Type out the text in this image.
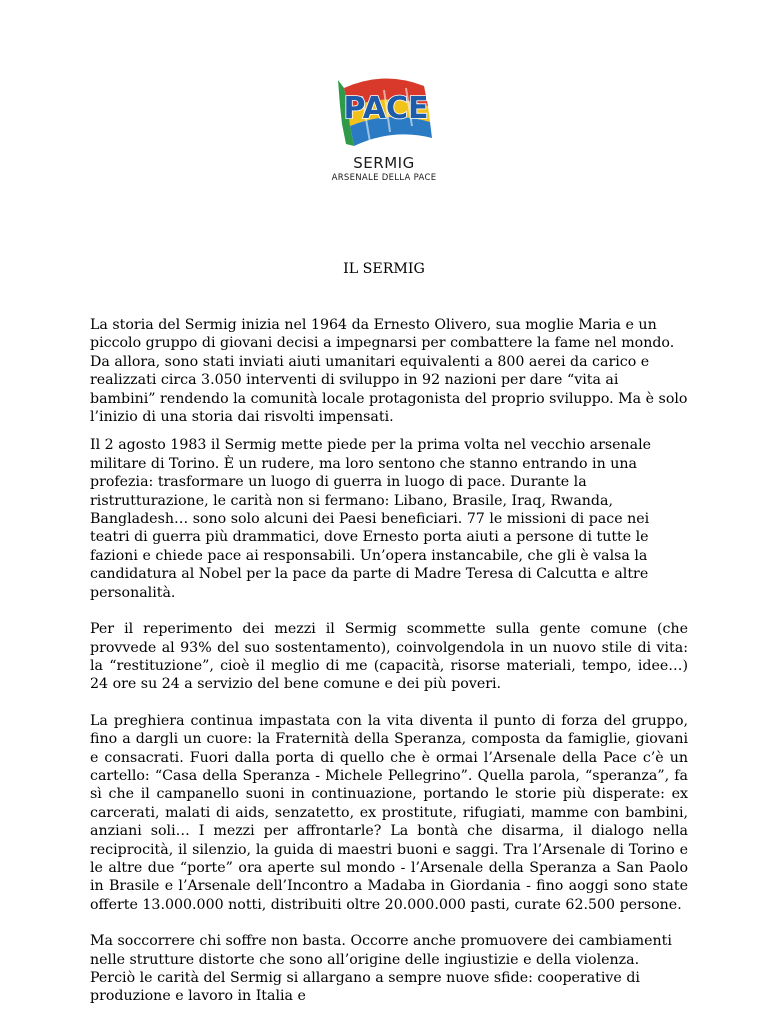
PACE
SERMIG
ARSENALE DELLA PACE
IL SERMIG

La storia del Sermig inizia nel 1964 da Ernesto Olivero, sua moglie Maria e un piccolo gruppo di giovani decisi a impegnarsi per combattere la fame nel mondo. Da allora, sono stati inviati aiuti umanitari equivalenti a 800 aerei da carico e realizzati circa 3.050 interventi di sviluppo in 92 nazioni per dare “vita ai bambini” rendendo la comunità locale protagonista del proprio sviluppo. Ma è solo l’inizio di una storia dai risvolti impensati.

Il 2 agosto 1983 il Sermig mette piede per la prima volta nel vecchio arsenale militare di Torino. È un rudere, ma loro sentono che stanno entrando in una profezia: trasformare un luogo di guerra in luogo di pace. Durante la ristrutturazione, le carità non si fermano: Libano, Brasile, Iraq, Rwanda, Bangladesh… sono solo alcuni dei Paesi beneficiari. 77 le missioni di pace nei teatri di guerra più drammatici, dove Ernesto porta aiuti a persone di tutte le fazioni e chiede pace ai responsabili. Un’opera instancabile, che gli è valsa la candidatura al Nobel per la pace da parte di Madre Teresa di Calcutta e altre personalità.

Per il reperimento dei mezzi il Sermig scommette sulla gente comune (che provvede al 93% del suo sostentamento), coinvolgendola in un nuovo stile di vita: la “restituzione”, cioè il meglio di me (capacità, risorse materiali, tempo, idee…) 24 ore su 24 a servizio del bene comune e dei più poveri.

La preghiera continua impastata con la vita diventa il punto di forza del gruppo, fino a dargli un cuore: la Fraternità della Speranza, composta da famiglie, giovani e consacrati. Fuori dalla porta di quello che è ormai l’Arsenale della Pace c’è un cartello: “Casa della Speranza - Michele Pellegrino”. Quella parola, “speranza”, fa sì che il campanello suoni in continuazione, portando le storie più disperate: ex carcerati, malati di aids, senzatetto, ex prostitute, rifugiati, mamme con bambini, anziani soli… I mezzi per affrontarle? La bontà che disarma, il dialogo nella reciprocità, il silenzio, la guida di maestri buoni e saggi. Tra l’Arsenale di Torino e le altre due “porte” ora aperte sul mondo - l’Arsenale della Speranza a San Paolo in Brasile e l’Arsenale dell’Incontro a Madaba in Giordania - fino aoggi sono state offerte 13.000.000 notti, distribuiti oltre 20.000.000 pasti, curate 62.500 persone.

Ma soccorrere chi soffre non basta. Occorre anche promuovere dei cambiamenti nelle strutture distorte che sono all’origine delle ingiustizie e della violenza. Perciò le carità del Sermig si allargano a sempre nuove sfide: cooperative di produzione e lavoro in Italia e
